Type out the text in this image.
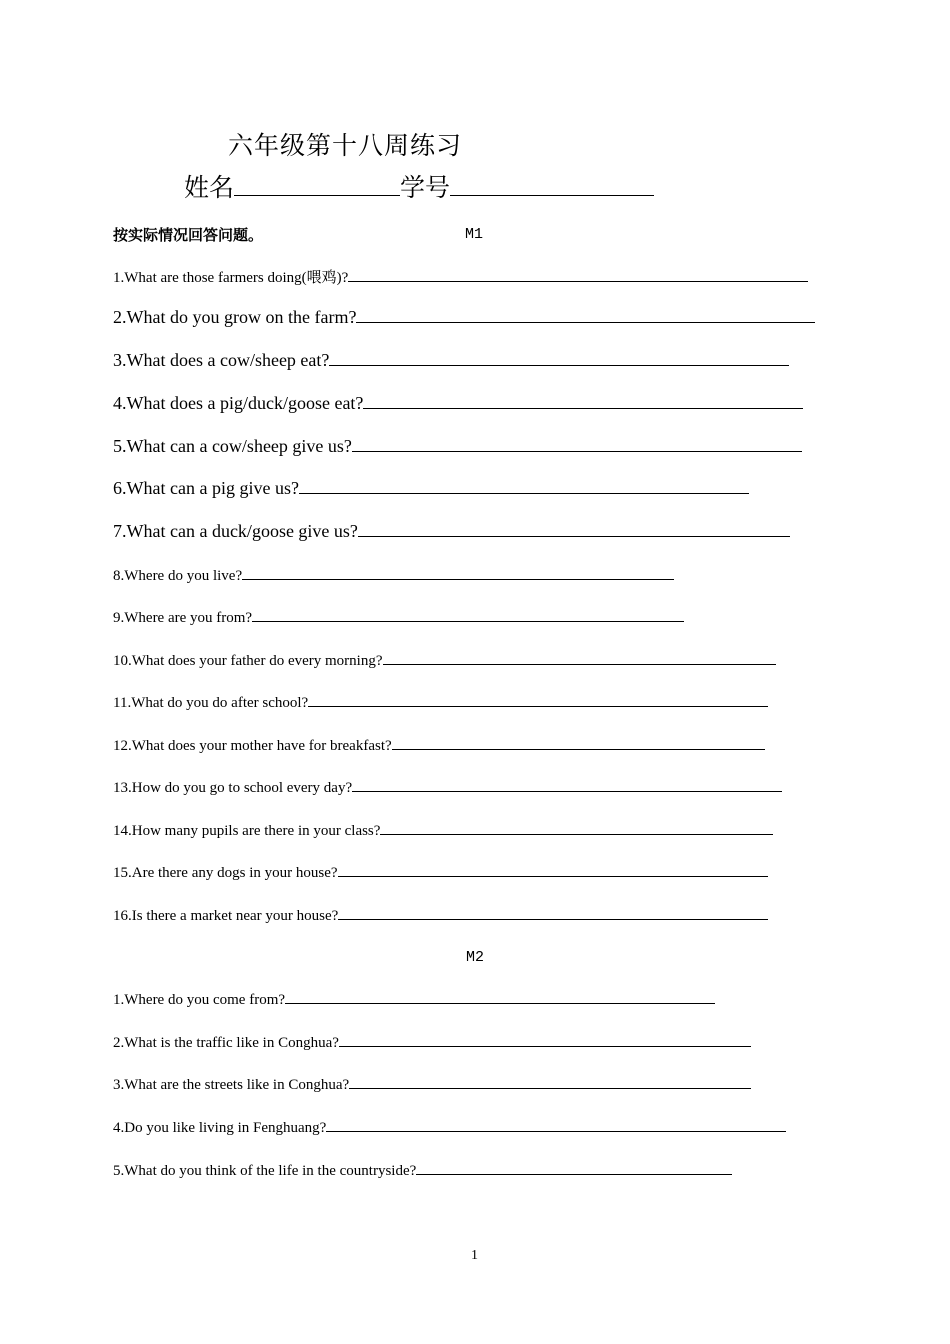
六年级第十八周练习
姓名	学号
按实际情况回答问题。	M1
1.What are those farmers doing(喂鸡)?
2.What do you grow on the farm?
3.What does a cow/sheep eat?
4.What does a pig/duck/goose eat?
5.What can a cow/sheep give us?
6.What can a pig give us?
7.What can a duck/goose give us?
8.Where do you live?
9.Where are you from?
10.What does your father do every morning?
11.What do you do after school?
12.What does your mother have for breakfast?
13.How do you go to school every day?
14.How many pupils are there in your class?
15.Are there any dogs in your house?
16.Is there a market near your house?
M2
1.Where do you come from?
2.What is the traffic like in Conghua?
3.What are the streets like in Conghua?
4.Do you like living in Fenghuang?
5.What do you think of the life in the countryside?
1
